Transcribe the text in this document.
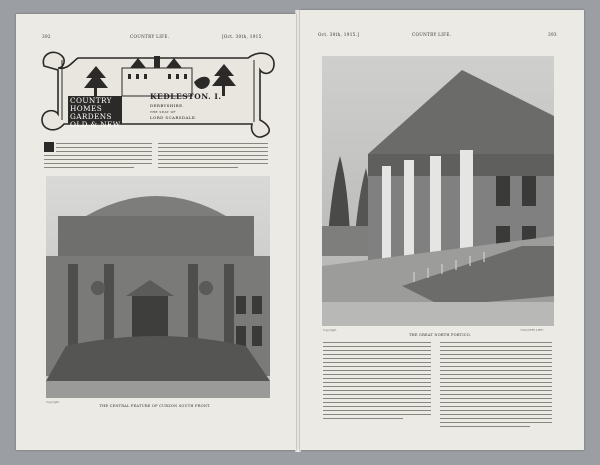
392	COUNTRY LIFE.	[Oct. 30th, 1915.
COUNTRY
HOMES
GARDENS
OLD & NEW
KEDLESTON. I.
DERBYSHIRE.
THE SEAT OF
LORD SCARSDALE.
Copyright.
THE CENTRAL FEATURE OF CURZON SOUTH FRONT.
Oct. 30th, 1915.]	COUNTRY LIFE.	393
Copyright.	"COUNTRY LIFE."
THE GREAT NORTH PORTICO.
